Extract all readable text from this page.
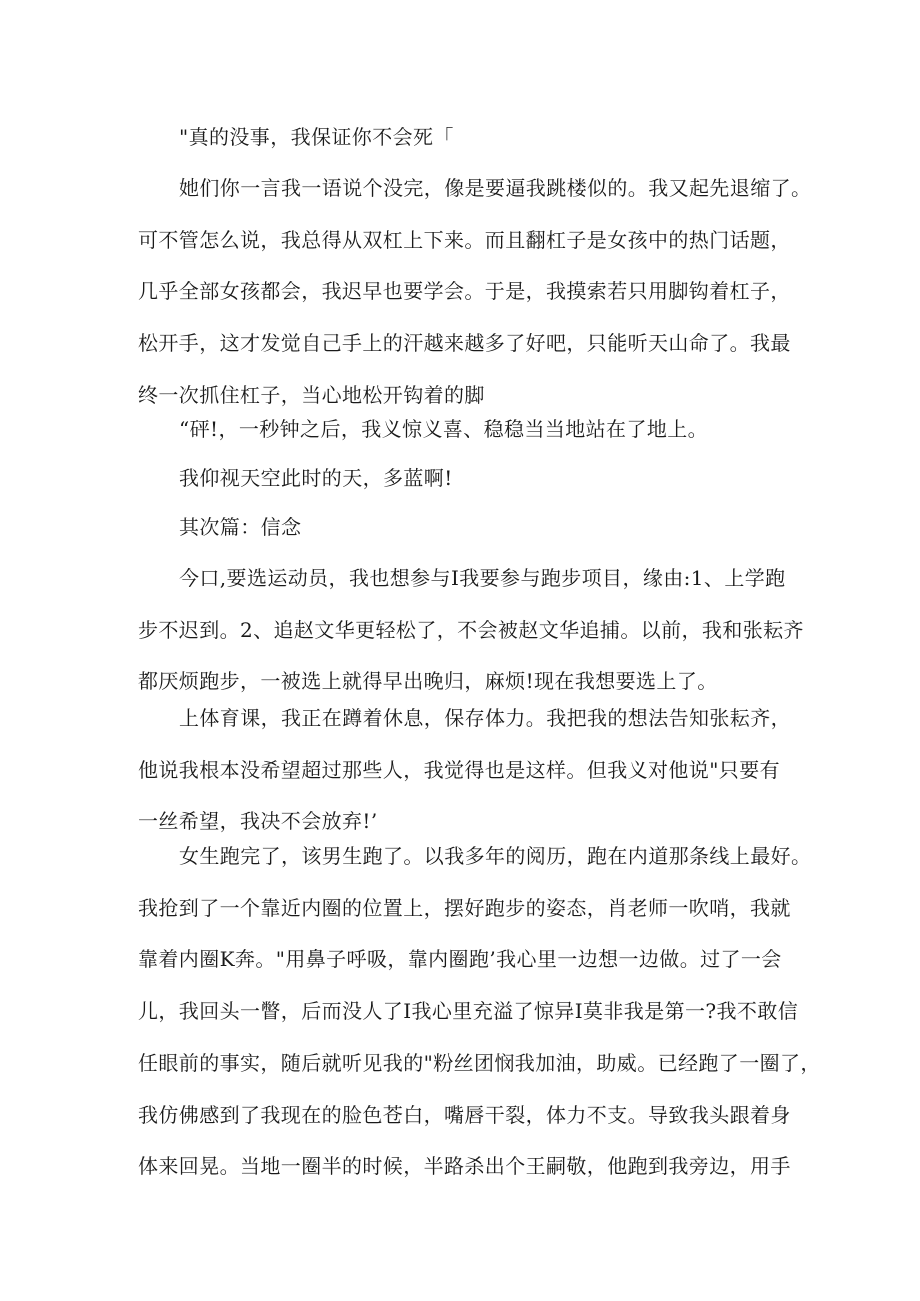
"真的没事，我保证你不会死「

她们你一言我一语说个没完，像是要逼我跳楼似的。我又起先退缩了。
可不管怎么说，我总得从双杠上下来。而且翻杠子是女孩中的热门话题，
几乎全部女孩都会，我迟早也要学会。于是，我摸索若只用脚钩着杠子，
松开手，这才发觉自己手上的汗越来越多了好吧，只能听天山命了。我最
终一次抓住杠子，当心地松开钩着的脚

“砰!，一秒钟之后，我义惊义喜、稳稳当当地站在了地上。

我仰视天空此时的天，多蓝啊!

其次篇：信念

今口,要选运动员，我也想参与I我要参与跑步项目，缘由:1、上学跑
步不迟到。2、追赵文华更轻松了，不会被赵文华追捕。以前，我和张耘齐
都厌烦跑步，一被选上就得早出晚归，麻烦!现在我想要选上了。

上体育课，我正在蹲着休息，保存体力。我把我的想法告知张耘齐，
他说我根本没希望超过那些人，我觉得也是这样。但我义对他说"只要有
一丝希望，我决不会放弃!’

女生跑完了，该男生跑了。以我多年的阅历，跑在内道那条线上最好。
我抢到了一个靠近内圈的位置上，摆好跑步的姿态，肖老师一吹哨，我就
靠着内圈K奔。"用鼻子呼吸，靠内圈跑’我心里一边想一边做。过了一会
儿，我回头一瞥，后而没人了I我心里充溢了惊异I莫非我是第一?我不敢信
任眼前的事实，随后就听见我的"粉丝团悯我加油，助威。已经跑了一圈了，
我仿佛感到了我现在的脸色苍白，嘴唇干裂，体力不支。导致我头跟着身
体来回晃。当地一圈半的时候，半路杀出个王嗣敬，他跑到我旁边，用手
